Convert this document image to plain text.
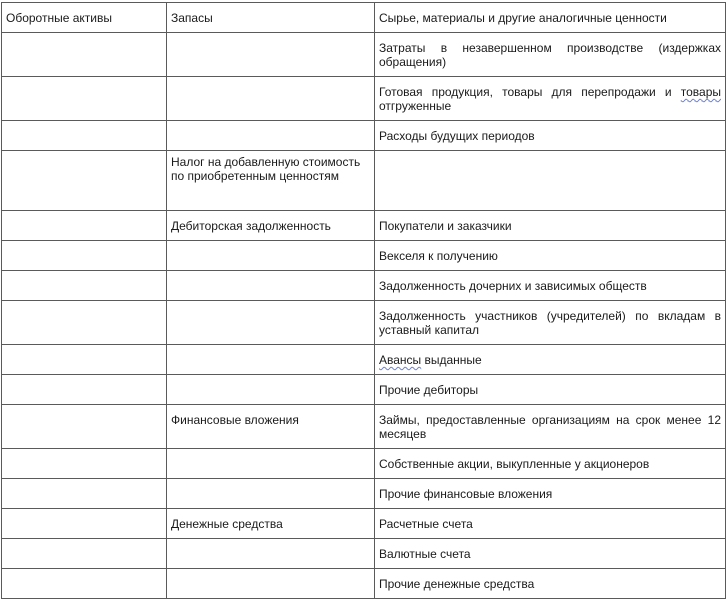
Оборотные активы	Запасы	Сырье, материалы и другие аналогичные ценности
		Затраты в незавершенном производстве (издержках обращения)
		Готовая продукция, товары для перепродажи и товары отгруженные
		Расходы будущих периодов
	Налог на добавленную стоимость по приобретенным ценностям	
	Дебиторская задолженность	Покупатели и заказчики
		Векселя к получению
		Задолженность дочерних и зависимых обществ
		Задолженность участников (учредителей) по вкладам в уставный капитал
		Авансы выданные
		Прочие дебиторы
	Финансовые вложения	Займы, предоставленные организациям на срок менее 12 месяцев
		Собственные акции, выкупленные у акционеров
		Прочие финансовые вложения
	Денежные средства	Расчетные счета
		Валютные счета
		Прочие денежные средства
